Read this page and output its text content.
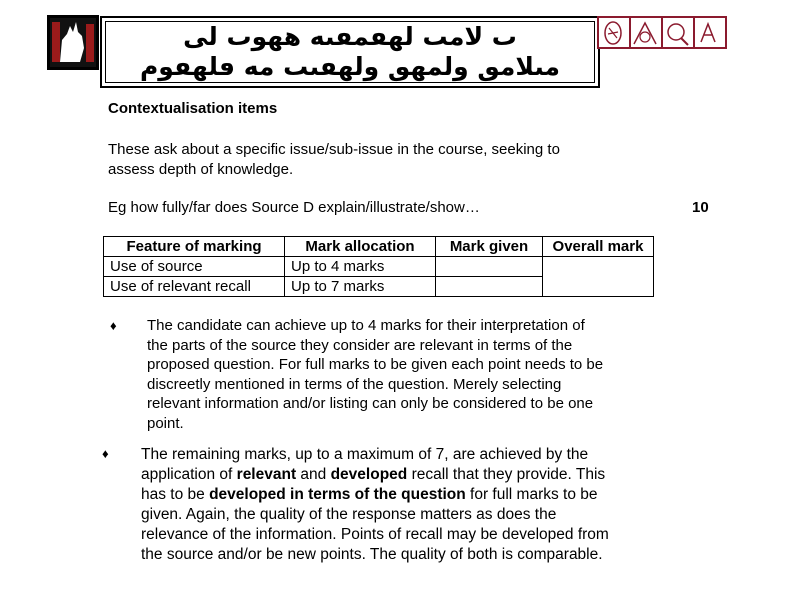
ٮ لامٮ لهٯمٯٮه ههوٮ لى
مٮلامٯ ولمهٯ ولهٯىٮ مه ٯلهٯوم
Contextualisation items
These ask about a specific issue/sub-issue in the course, seeking to
assess depth of knowledge.
Eg how fully/far does Source D explain/illustrate/show…	10
Feature of marking	Mark allocation	Mark given	Overall mark
Use of source	Up to 4 marks		
Use of relevant recall	Up to 7 marks		
♦ The candidate can achieve up to 4 marks for their interpretation of
the parts of the source they consider are relevant in terms of the
proposed question. For full marks to be given each point needs to be
discreetly mentioned in terms of the question. Merely selecting
relevant information and/or listing can only be considered to be one
point.
♦ The remaining marks, up to a maximum of 7, are achieved by the
application of relevant and developed recall that they provide. This
has to be developed in terms of the question for full marks to be
given. Again, the quality of the response matters as does the
relevance of the information. Points of recall may be developed from
the source and/or be new points. The quality of both is comparable.
